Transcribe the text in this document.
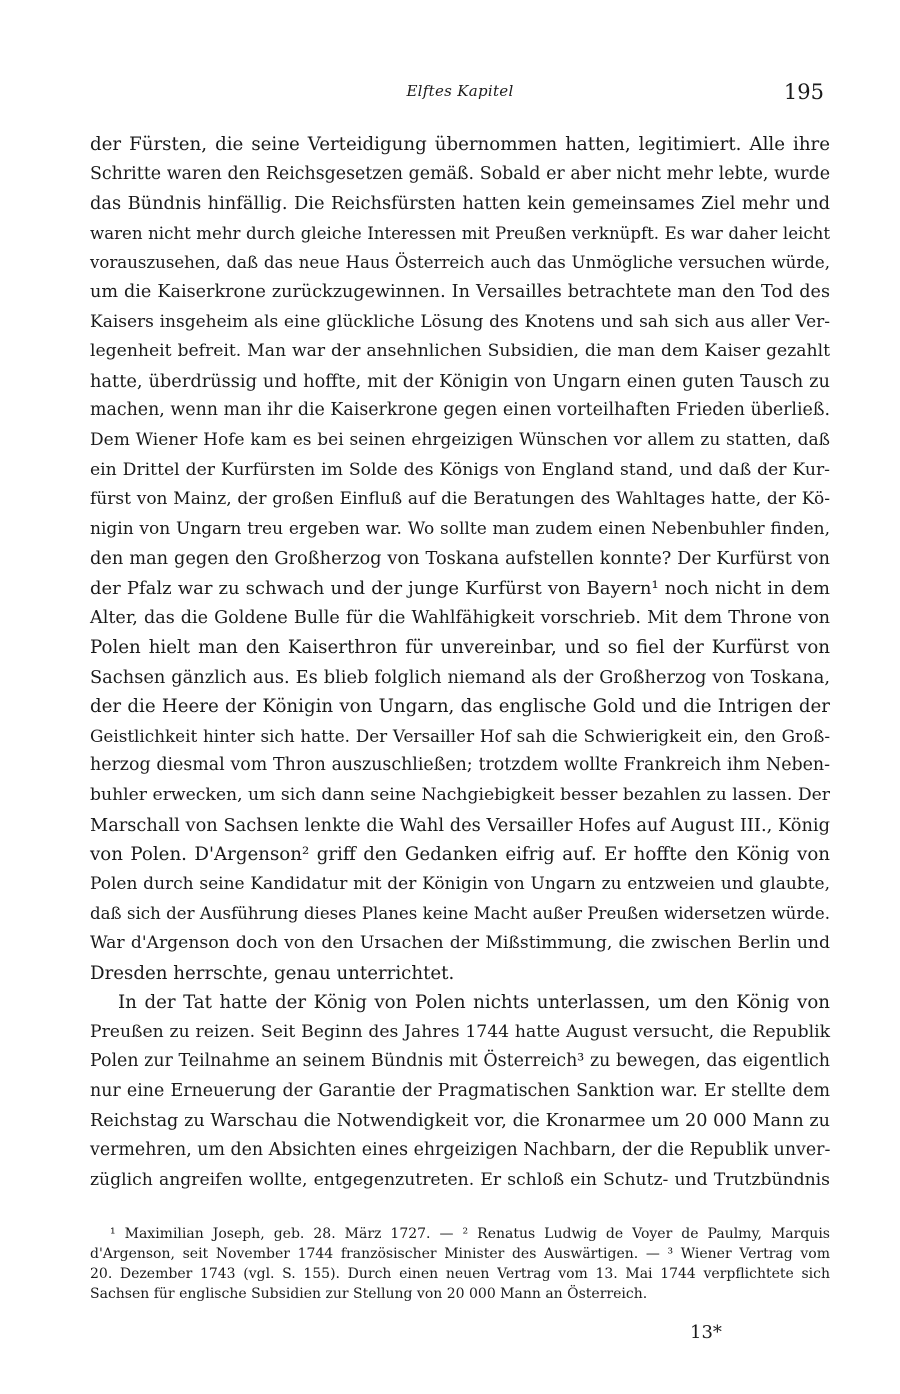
Elftes Kapitel	195
der Fürsten, die seine Verteidigung übernommen hatten, legitimiert. Alle ihre
Schritte waren den Reichsgesetzen gemäß. Sobald er aber nicht mehr lebte, wurde
das Bündnis hinfällig. Die Reichsfürsten hatten kein gemeinsames Ziel mehr und
waren nicht mehr durch gleiche Interessen mit Preußen verknüpft. Es war daher leicht
vorauszusehen, daß das neue Haus Österreich auch das Unmögliche versuchen würde,
um die Kaiserkrone zurückzugewinnen. In Versailles betrachtete man den Tod des
Kaisers insgeheim als eine glückliche Lösung des Knotens und sah sich aus aller Ver-
legenheit befreit. Man war der ansehnlichen Subsidien, die man dem Kaiser gezahlt
hatte, überdrüssig und hoffte, mit der Königin von Ungarn einen guten Tausch zu
machen, wenn man ihr die Kaiserkrone gegen einen vorteilhaften Frieden überließ.
Dem Wiener Hofe kam es bei seinen ehrgeizigen Wünschen vor allem zu statten, daß
ein Drittel der Kurfürsten im Solde des Königs von England stand, und daß der Kur-
fürst von Mainz, der großen Einfluß auf die Beratungen des Wahltages hatte, der Kö-
nigin von Ungarn treu ergeben war. Wo sollte man zudem einen Nebenbuhler finden,
den man gegen den Großherzog von Toskana aufstellen konnte? Der Kurfürst von
der Pfalz war zu schwach und der junge Kurfürst von Bayern¹ noch nicht in dem
Alter, das die Goldene Bulle für die Wahlfähigkeit vorschrieb. Mit dem Throne von
Polen hielt man den Kaiserthron für unvereinbar, und so fiel der Kurfürst von
Sachsen gänzlich aus. Es blieb folglich niemand als der Großherzog von Toskana,
der die Heere der Königin von Ungarn, das englische Gold und die Intrigen der
Geistlichkeit hinter sich hatte. Der Versailler Hof sah die Schwierigkeit ein, den Groß-
herzog diesmal vom Thron auszuschließen; trotzdem wollte Frankreich ihm Neben-
buhler erwecken, um sich dann seine Nachgiebigkeit besser bezahlen zu lassen. Der
Marschall von Sachsen lenkte die Wahl des Versailler Hofes auf August III., König
von Polen. D'Argenson² griff den Gedanken eifrig auf. Er hoffte den König von
Polen durch seine Kandidatur mit der Königin von Ungarn zu entzweien und glaubte,
daß sich der Ausführung dieses Planes keine Macht außer Preußen widersetzen würde.
War d'Argenson doch von den Ursachen der Mißstimmung, die zwischen Berlin und
Dresden herrschte, genau unterrichtet.
In der Tat hatte der König von Polen nichts unterlassen, um den König von
Preußen zu reizen. Seit Beginn des Jahres 1744 hatte August versucht, die Republik
Polen zur Teilnahme an seinem Bündnis mit Österreich³ zu bewegen, das eigentlich
nur eine Erneuerung der Garantie der Pragmatischen Sanktion war. Er stellte dem
Reichstag zu Warschau die Notwendigkeit vor, die Kronarmee um 20 000 Mann zu
vermehren, um den Absichten eines ehrgeizigen Nachbarn, der die Republik unver-
züglich angreifen wollte, entgegenzutreten. Er schloß ein Schutz- und Trutzbündnis
¹ Maximilian Joseph, geb. 28. März 1727. — ² Renatus Ludwig de Voyer de Paulmy, Marquis
d'Argenson, seit November 1744 französischer Minister des Auswärtigen. — ³ Wiener Vertrag vom
20. Dezember 1743 (vgl. S. 155). Durch einen neuen Vertrag vom 13. Mai 1744 verpflichtete sich
Sachsen für englische Subsidien zur Stellung von 20 000 Mann an Österreich.
13*
